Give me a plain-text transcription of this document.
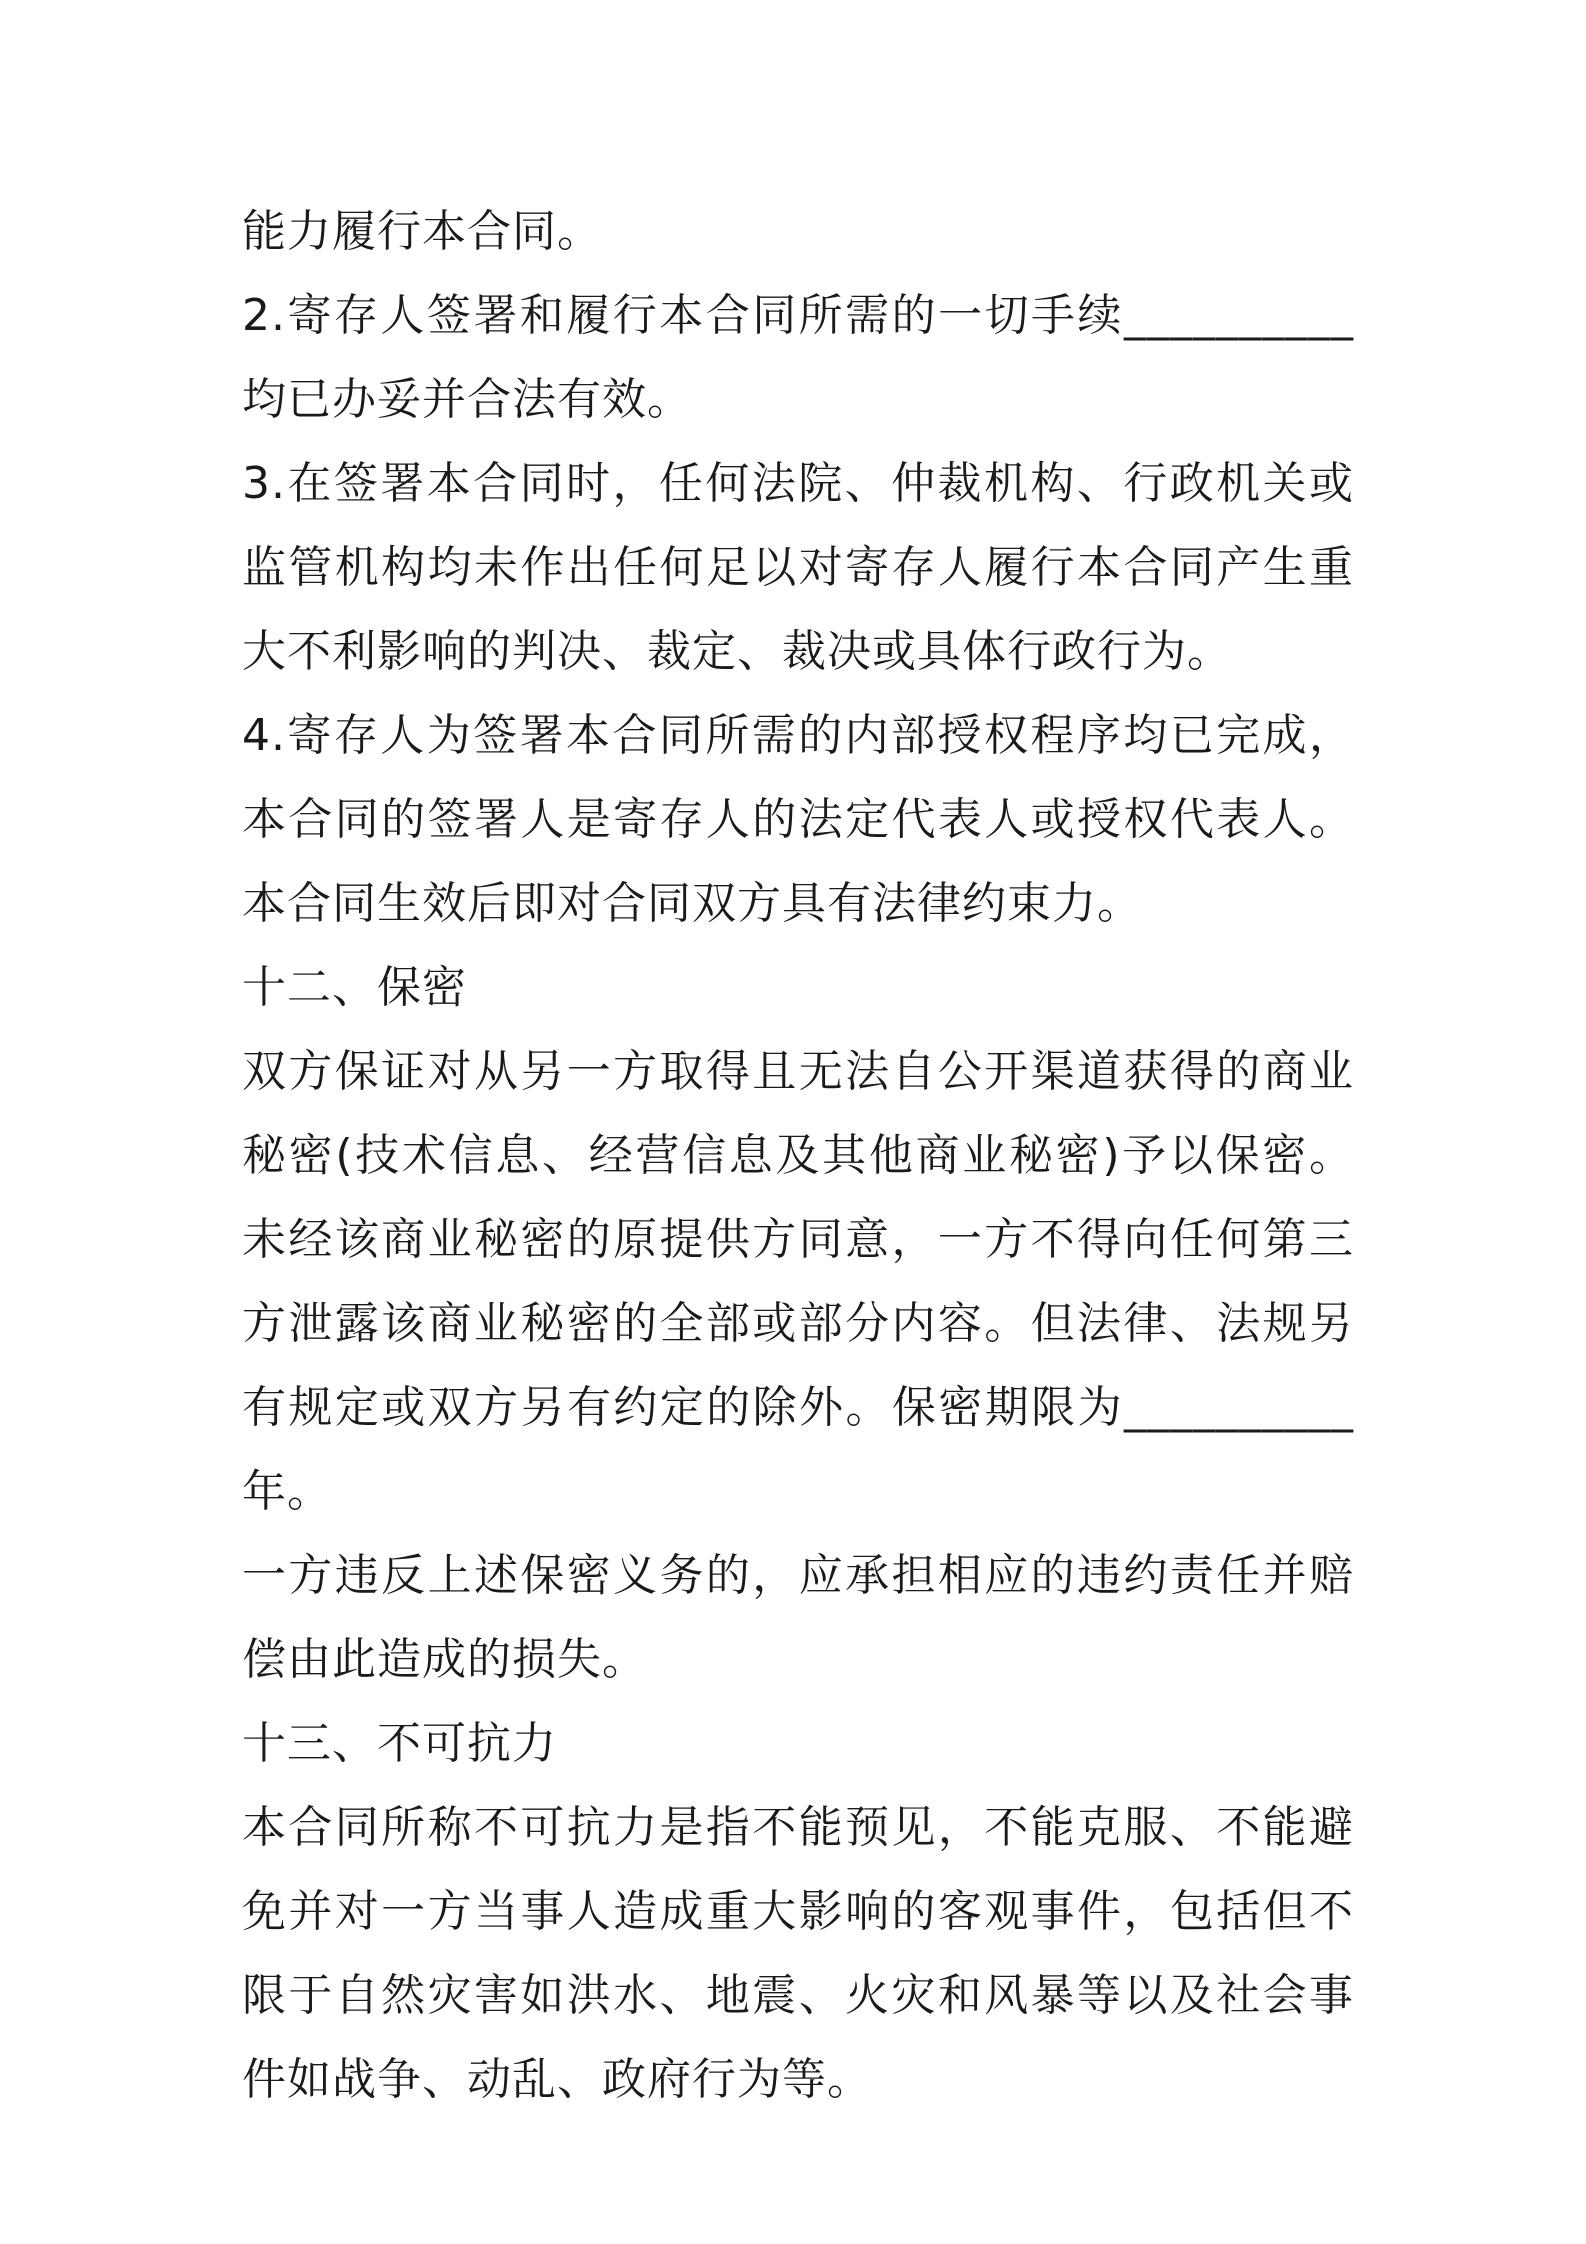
能力履行本合同。

2.寄存人签署和履行本合同所需的一切手续__________均已办妥并合法有效。

3.在签署本合同时，任何法院、仲裁机构、行政机关或监管机构均未作出任何足以对寄存人履行本合同产生重大不利影响的判决、裁定、裁决或具体行政行为。

4.寄存人为签署本合同所需的内部授权程序均已完成，本合同的签署人是寄存人的法定代表人或授权代表人。本合同生效后即对合同双方具有法律约束力。

十二、保密

双方保证对从另一方取得且无法自公开渠道获得的商业秘密(技术信息、经营信息及其他商业秘密)予以保密。未经该商业秘密的原提供方同意，一方不得向任何第三方泄露该商业秘密的全部或部分内容。但法律、法规另有规定或双方另有约定的除外。保密期限为__________年。

一方违反上述保密义务的，应承担相应的违约责任并赔偿由此造成的损失。

十三、不可抗力

本合同所称不可抗力是指不能预见，不能克服、不能避免并对一方当事人造成重大影响的客观事件，包括但不限于自然灾害如洪水、地震、火灾和风暴等以及社会事件如战争、动乱、政府行为等。
